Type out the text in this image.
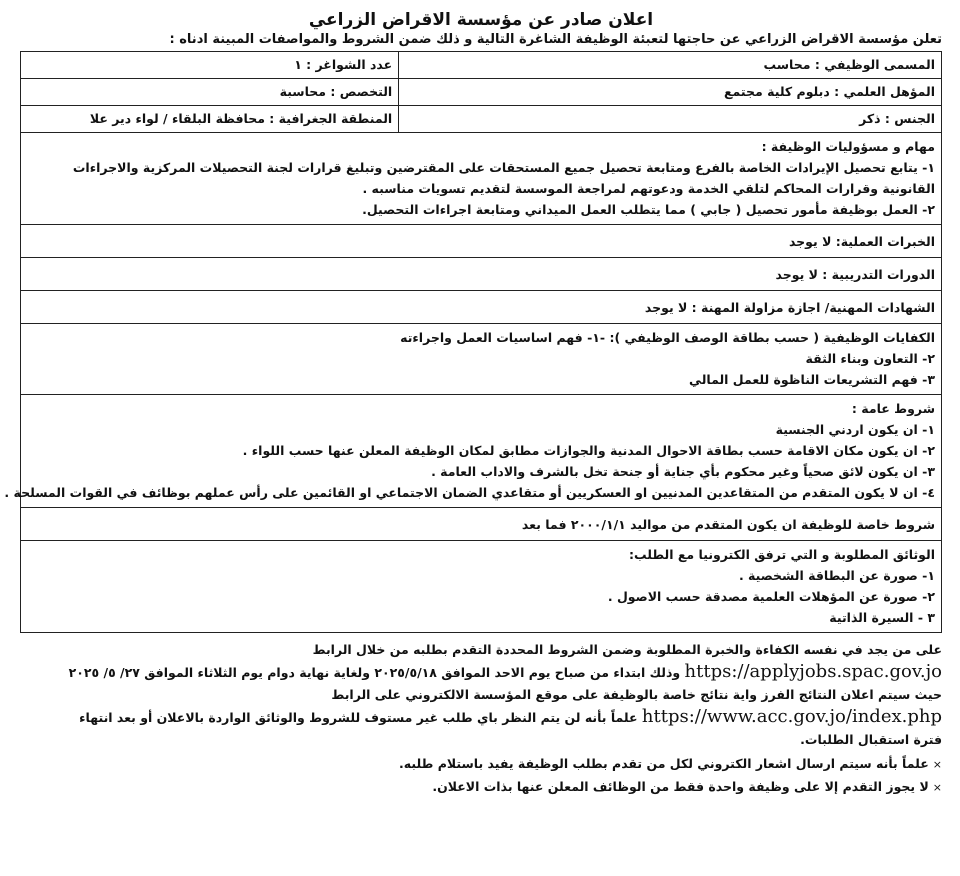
اعلان صادر عن مؤسسة الاقراض الزراعي
تعلن مؤسسة الاقراض الزراعي عن حاجتها لتعبئة الوظيفة الشاغرة التالية و ذلك ضمن الشروط والمواصفات المبينة ادناه :
المسمى الوظيفي : محاسب
عدد الشواغر : ١
المؤهل العلمي : دبلوم كلية مجتمع
التخصص : محاسبة
الجنس : ذكر
المنطقة الجغرافية : محافظة البلقاء / لواء دير علا
مهام و مسؤوليات الوظيفة :
١- يتابع تحصيل الإيرادات الخاصة بالفرع ومتابعة تحصيل جميع المستحقات على المقترضين وتبليغ قرارات لجنة التحصيلات المركزية والاجراءات
القانونية وقرارات المحاكم لتلقي الخدمة ودعوتهم لمراجعة الموسسة لتقديم تسويات مناسبه .
٢- العمل بوظيفة مأمور تحصيل ( جابي ) مما يتطلب العمل الميداني ومتابعة اجراءات التحصيل.
الخبرات العملية: لا يوجد
الدورات التدريبية : لا يوجد
الشهادات المهنية/ اجازة مزاولة المهنة : لا يوجد
الكفايات الوظيفية ( حسب بطاقة الوصف الوظيفي ): -١- فهم اساسيات العمل واجراءته
٢- التعاون وبناء الثقة
٣- فهم التشريعات الناظوة للعمل المالي
شروط عامة :
١- ان يكون اردني الجنسية
٢- ان يكون مكان الاقامة حسب بطاقة الاحوال المدنية والجوازات مطابق لمكان الوظيفة المعلن عنها حسب اللواء .
٣- ان يكون لائق صحياً وغير محكوم بأي جناية أو جنحة تخل بالشرف والاداب العامة .
٤- ان لا يكون المتقدم من المتقاعدين المدنيين او العسكريين أو متقاعدي الضمان الاجتماعي او القائمين على رأس عملهم بوظائف في القوات المسلحة .
شروط خاصة للوظيفة ان يكون المتقدم من مواليد ٢٠٠٠/١/١ فما بعد
الوثائق المطلوبة و التي ترفق الكترونيا مع الطلب:
١- صورة عن البطاقة الشخصية .
٢- صورة عن المؤهلات العلمية مصدقة حسب الاصول .
٣ - السيرة الذاتية
على من يجد في نفسه الكفاءة والخبرة المطلوبة وضمن الشروط المحددة التقدم بطلبه من خلال الرابط
https://applyjobs.spac.gov.jo وذلك ابتداء من صباح يوم الاحد الموافق ٢٠٢٥/٥/١٨ ولغاية نهاية دوام يوم الثلاثاء الموافق ٢٧/ ٥/ ٢٠٢٥
حيث سيتم اعلان النتائج الفرز واية نتائج خاصة بالوظيفة على موقع المؤسسة الالكتروني على الرابط
https://www.acc.gov.jo/index.php علماً بأنه لن يتم النظر باي طلب غير مستوف للشروط والوثائق الواردة بالاعلان أو بعد انتهاء
فترة استقبال الطلبات.
×علماً بأنه سيتم ارسال اشعار الكتروني لكل من تقدم بطلب الوظيفة يفيد باستلام طلبه.
×لا يجوز التقدم إلا على وظيفة واحدة فقط من الوظائف المعلن عنها بذات الاعلان.
